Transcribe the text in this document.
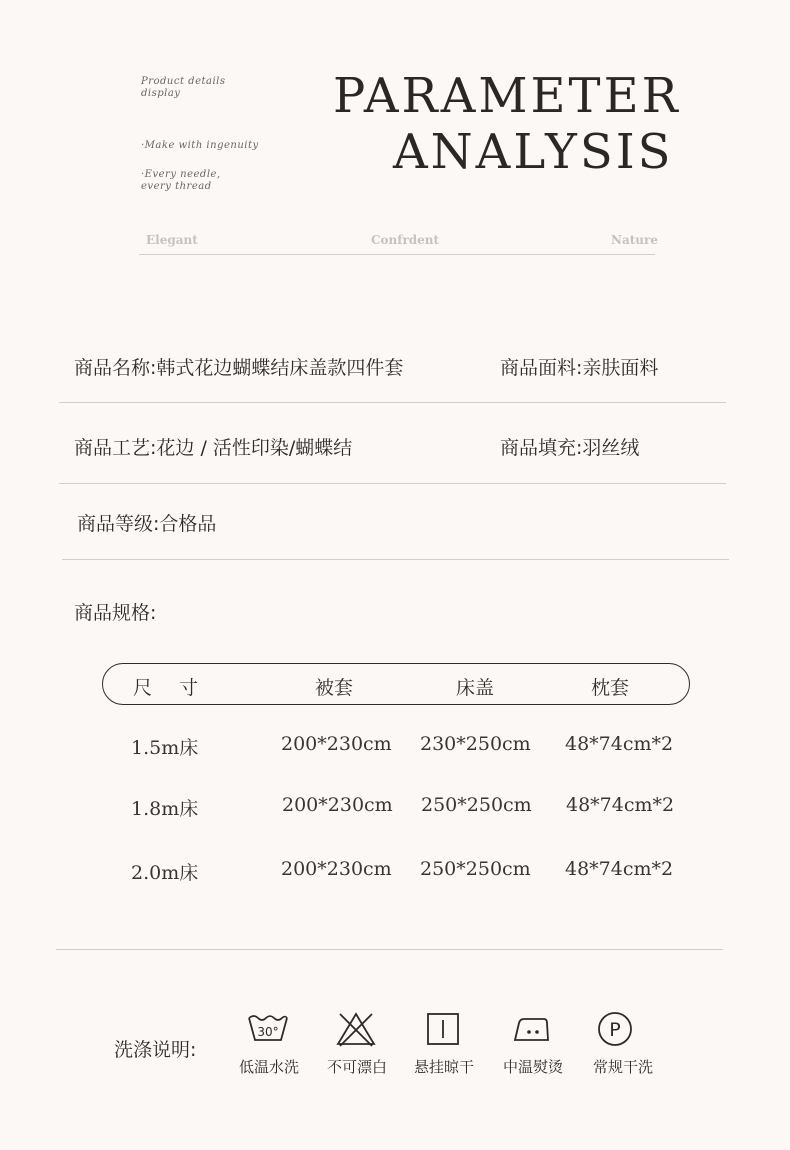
Product details
display
·Make with ingenuity
·Every needle,
every thread
PARAMETER
ANALYSIS
Elegant	Confrdent	Nature
商品名称:韩式花边蝴蝶结床盖款四件套	商品面料:亲肤面料
商品工艺:花边 / 活性印染/蝴蝶结	商品填充:羽丝绒
商品等级:合格品
商品规格:
尺　寸	被套	床盖	枕套
1.5m床	200*230cm 230*250cm 48*74cm*2
1.8m床	200*230cm 250*250cm 48*74cm*2
2.0m床	200*230cm 250*250cm 48*74cm*2
洗涤说明:
30°
低温水洗	不可漂白	悬挂晾干	中温熨烫
P
常规干洗
